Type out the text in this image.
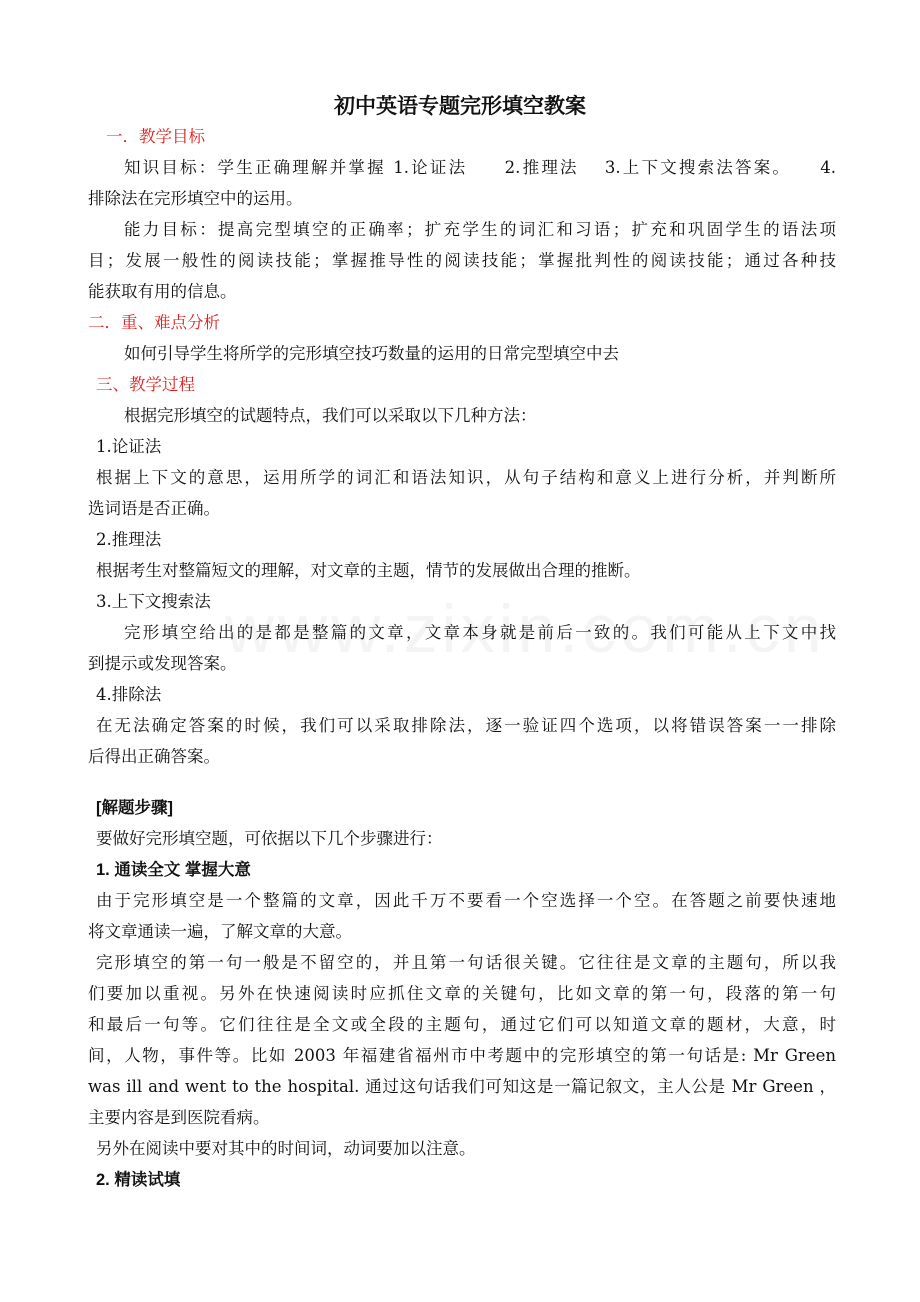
初中英语专题完形填空教案
一．教学目标
知识目标：学生正确理解并掌握 1.论证法　　2.推理法　 3.上下文搜索法答案。　　4.
排除法在完形填空中的运用。
能力目标：提高完型填空的正确率；扩充学生的词汇和习语；扩充和巩固学生的语法项
目；发展一般性的阅读技能；掌握推导性的阅读技能；掌握批判性的阅读技能；通过各种技
能获取有用的信息。
二．重、难点分析
如何引导学生将所学的完形填空技巧数量的运用的日常完型填空中去
三、教学过程
根据完形填空的试题特点，我们可以采取以下几种方法：
1.论证法
根据上下文的意思，运用所学的词汇和语法知识，从句子结构和意义上进行分析，并判断所
选词语是否正确。
2.推理法
根据考生对整篇短文的理解，对文章的主题，情节的发展做出合理的推断。
3.上下文搜索法
完形填空给出的是都是整篇的文章，文章本身就是前后一致的。我们可能从上下文中找
到提示或发现答案。
4.排除法
在无法确定答案的时候，我们可以采取排除法，逐一验证四个选项，以将错误答案一一排除
后得出正确答案。
[解题步骤]
要做好完形填空题，可依据以下几个步骤进行：
1. 通读全文 掌握大意
由于完形填空是一个整篇的文章，因此千万不要看一个空选择一个空。在答题之前要快速地
将文章通读一遍，了解文章的大意。
完形填空的第一句一般是不留空的，并且第一句话很关键。它往往是文章的主题句，所以我
们要加以重视。另外在快速阅读时应抓住文章的关键句，比如文章的第一句，段落的第一句
和最后一句等。它们往往是全文或全段的主题句，通过它们可以知道文章的题材，大意，时
间，人物，事件等。比如 2003 年福建省福州市中考题中的完形填空的第一句话是: Mr Green
was ill and went to the hospital. 通过这句话我们可知这是一篇记叙文，主人公是 Mr Green ，
主要内容是到医院看病。
另外在阅读中要对其中的时间词，动词要加以注意。
2. 精读试填
